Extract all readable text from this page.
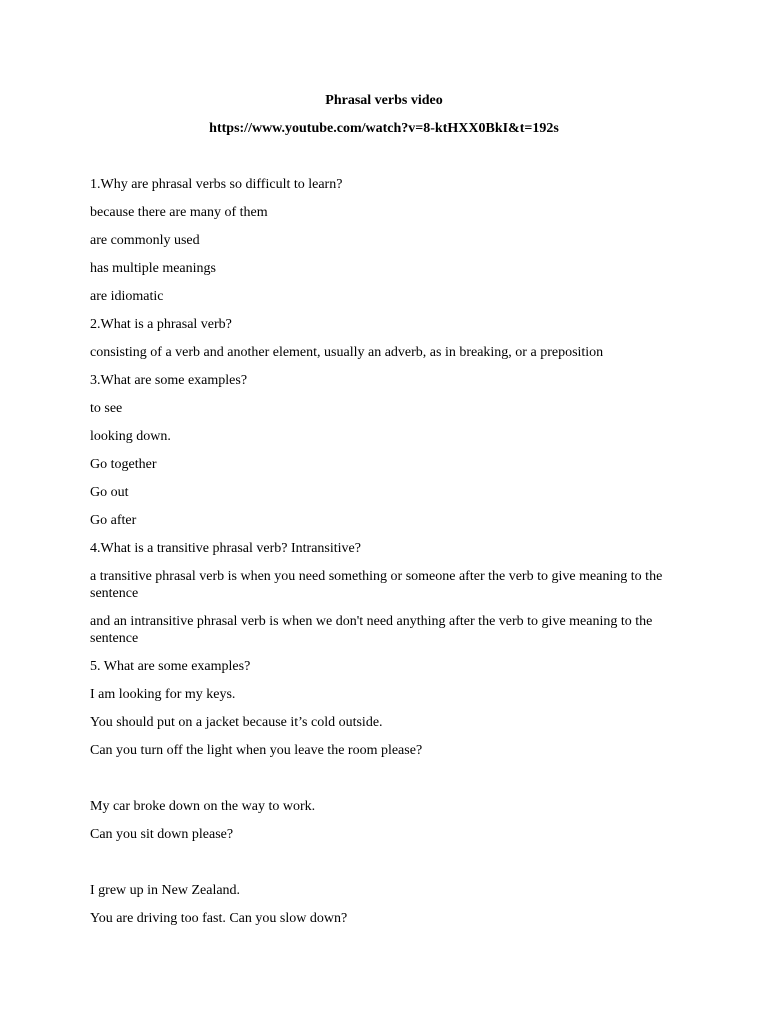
Phrasal verbs video
https://www.youtube.com/watch?v=8-ktHXX0BkI&t=192s
1.Why are phrasal verbs so difficult to learn?
because there are many of them
are commonly used
has multiple meanings
are idiomatic
2.What is a phrasal verb?
consisting of a verb and another element, usually an adverb, as in breaking, or a preposition
3.What are some examples?
to see
looking down.
Go together
Go out
Go after
4.What is a transitive phrasal verb? Intransitive?
a transitive phrasal verb is when you need something or someone after the verb to give meaning to the sentence
and an intransitive phrasal verb is when we don't need anything after the verb to give meaning to the sentence
5. What are some examples?
I am looking for my keys.
You should put on a jacket because it’s cold outside.
Can you turn off the light when you leave the room please?
My car broke down on the way to work.
Can you sit down please?
I grew up in New Zealand.
You are driving too fast. Can you slow down?
